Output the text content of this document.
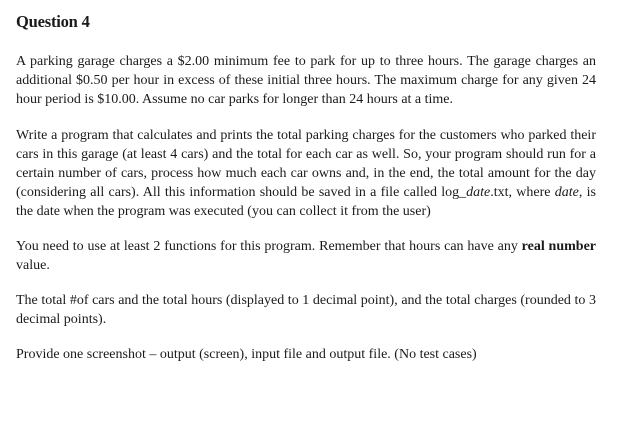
Question 4

A parking garage charges a $2.00 minimum fee to park for up to three hours. The garage charges an additional $0.50 per hour in excess of these initial three hours. The maximum charge for any given 24 hour period is $10.00. Assume no car parks for longer than 24 hours at a time.

Write a program that calculates and prints the total parking charges for the customers who parked their cars in this garage (at least 4 cars) and the total for each car as well. So, your program should run for a certain number of cars, process how much each car owns and, in the end, the total amount for the day (considering all cars). All this information should be saved in a file called log_date.txt, where date, is the date when the program was executed (you can collect it from the user)

You need to use at least 2 functions for this program. Remember that hours can have any real number value.

The total #of cars and the total hours (displayed to 1 decimal point), and the total charges (rounded to 3 decimal points).

Provide one screenshot – output (screen), input file and output file. (No test cases)
